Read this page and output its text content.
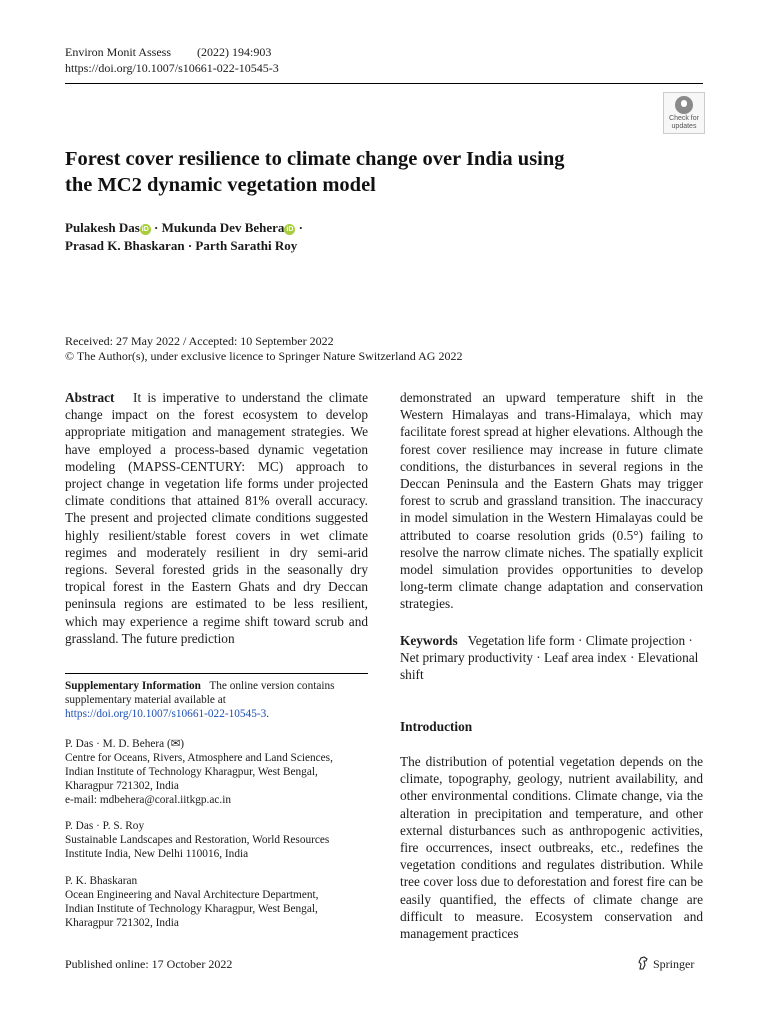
Environ Monit Assess (2022) 194:903
https://doi.org/10.1007/s10661-022-10545-3
Check for
updates
Forest cover resilience to climate change over India using
the MC2 dynamic vegetation model
Pulakesh Das iD · Mukunda Dev Behera iD ·
Prasad K. Bhaskaran · Parth Sarathi Roy
Received: 27 May 2022 / Accepted: 10 September 2022
© The Author(s), under exclusive licence to Springer Nature Switzerland AG 2022
Abstract It is imperative to understand the climate change impact on the forest ecosystem to develop appropriate mitigation and management strategies. We have employed a process-based dynamic vegetation modeling (MAPSS-CENTURY: MC) approach to project change in vegetation life forms under projected climate conditions that attained 81% overall accuracy. The present and projected climate conditions suggested highly resilient/stable forest covers in wet climate regimes and moderately resilient in dry semi-arid regions. Several forested grids in the seasonally dry tropical forest in the Eastern Ghats and dry Deccan peninsula regions are estimated to be less resilient, which may experience a regime shift toward scrub and grassland. The future prediction
Supplementary Information The online version contains supplementary material available at https://doi.org/10.1007/s10661-022-10545-3.
P. Das · M. D. Behera (✉)
Centre for Oceans, Rivers, Atmosphere and Land Sciences,
Indian Institute of Technology Kharagpur, West Bengal,
Kharagpur 721302, India
e-mail: mdbehera@coral.iitkgp.ac.in
P. Das · P. S. Roy
Sustainable Landscapes and Restoration, World Resources
Institute India, New Delhi 110016, India
P. K. Bhaskaran
Ocean Engineering and Naval Architecture Department,
Indian Institute of Technology Kharagpur, West Bengal,
Kharagpur 721302, India
demonstrated an upward temperature shift in the Western Himalayas and trans-Himalaya, which may facilitate forest spread at higher elevations. Although the forest cover resilience may increase in future climate conditions, the disturbances in several regions in the Deccan Peninsula and the Eastern Ghats may trigger forest to scrub and grassland transition. The inaccuracy in model simulation in the Western Himalayas could be attributed to coarse resolution grids (0.5°) failing to resolve the narrow climate niches. The spatially explicit model simulation provides opportunities to develop long-term climate change adaptation and conservation strategies.
Keywords Vegetation life form · Climate projection · Net primary productivity · Leaf area index · Elevational shift
Introduction
The distribution of potential vegetation depends on the climate, topography, geology, nutrient availability, and other environmental conditions. Climate change, via the alteration in precipitation and temperature, and other external disturbances such as anthropogenic activities, fire occurrences, insect outbreaks, etc., redefines the vegetation conditions and regulates distribution. While tree cover loss due to deforestation and forest fire can be easily quantified, the effects of climate change are difficult to measure. Ecosystem conservation and management practices
Published online: 17 October 2022	Springer
